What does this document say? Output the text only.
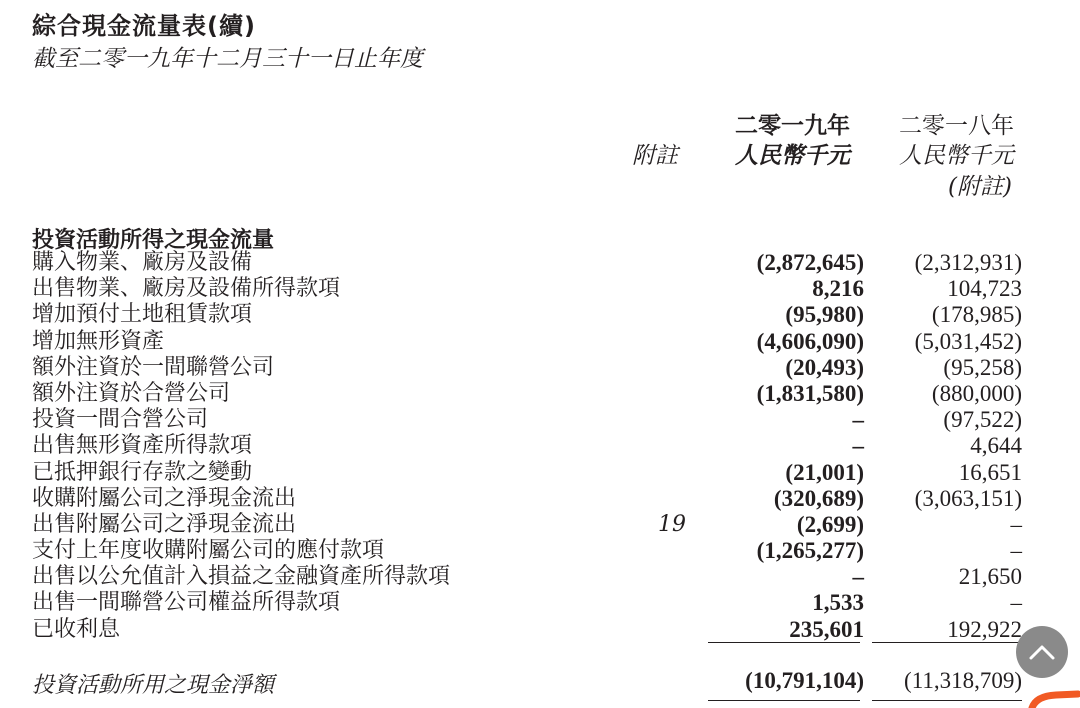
綜合現金流量表(續)
截至二零一九年十二月三十一日止年度
附註
二零一九年
人民幣千元
二零一八年
人民幣千元
(附註)
投資活動所得之現金流量
購入物業、廠房及設備	(2,872,645) (2,312,931)
出售物業、廠房及設備所得款項	8,216	104,723
增加預付土地租賃款項	(95,980)	(178,985)
增加無形資產	(4,606,090) (5,031,452)
額外注資於一間聯營公司	(20,493)	(95,258)
額外注資於合營公司	(1,831,580)	(880,000)
投資一間合營公司	–	(97,522)
出售無形資產所得款項	–	4,644
已抵押銀行存款之變動	(21,001)	16,651
收購附屬公司之淨現金流出	(320,689) (3,063,151)
出售附屬公司之淨現金流出	19	(2,699)	–
支付上年度收購附屬公司的應付款項	(1,265,277)	–
出售以公允值計入損益之金融資產所得款項	–	21,650
出售一間聯營公司權益所得款項	1,533	–
已收利息	235,601	192,922
投資活動所用之現金淨額	(10,791,104) (11,318,709)
